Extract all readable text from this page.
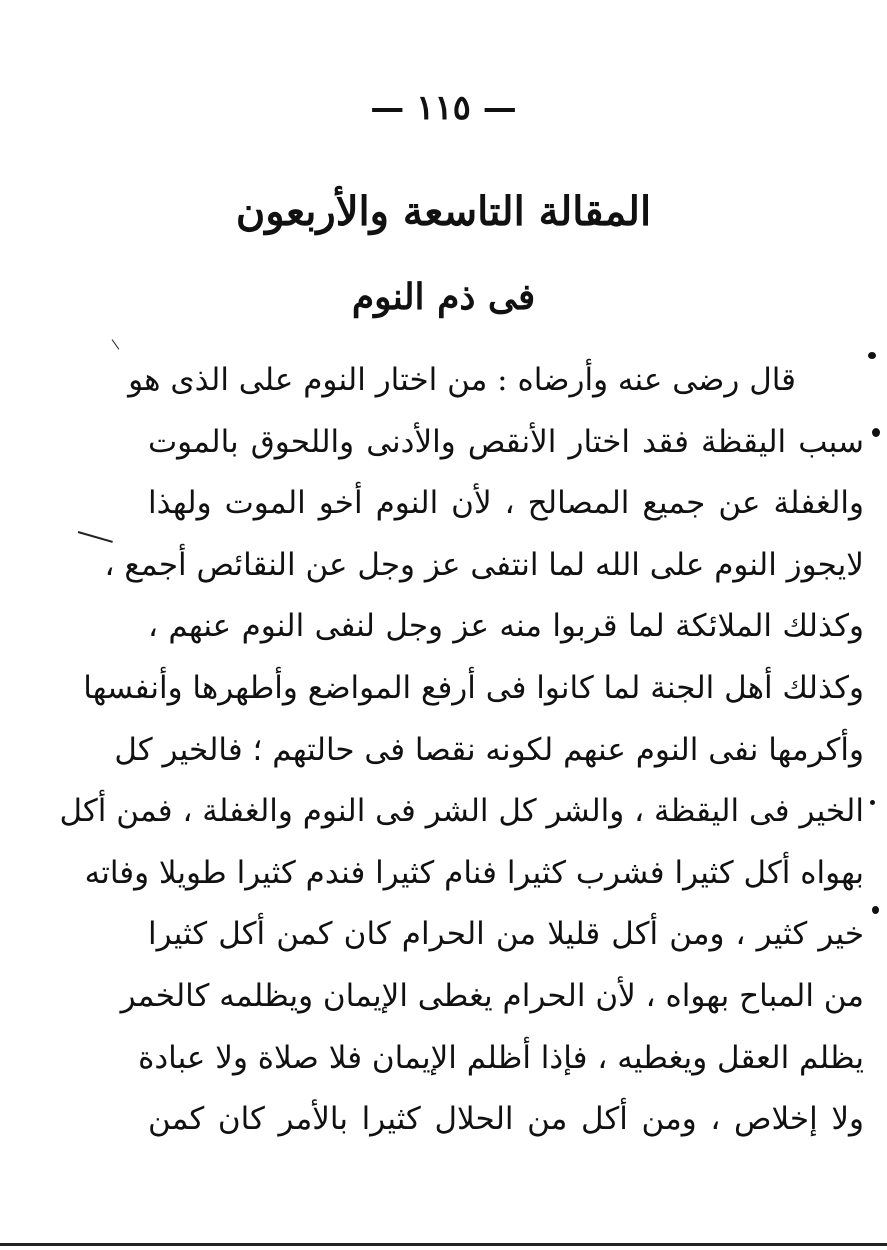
— ١١٥ —
المقالة التاسعة والأربعون
فى ذم النوم
قال رضى عنه وأرضاه : من اختار النوم على الذى هو
سبب اليقظة فقد اختار الأنقص والأدنى واللحوق بالموت
والغفلة عن جميع المصالح ، لأن النوم أخو الموت ولهذا
لايجوز النوم على الله لما انتفى عز وجل عن النقائص أجمع ،
وكذلك الملائكة لما قربوا منه عز وجل لنفى النوم عنهم ،
وكذلك أهل الجنة لما كانوا فى أرفع المواضع وأطهرها وأنفسها
وأكرمها نفى النوم عنهم لكونه نقصا فى حالتهم ؛ فالخير كل
الخير فى اليقظة ، والشر كل الشر فى النوم والغفلة ، فمن أكل
بهواه أكل كثيرا فشرب كثيرا فنام كثيرا فندم كثيرا طويلا وفاته
خير كثير ، ومن أكل قليلا من الحرام كان كمن أكل كثيرا
من المباح بهواه ، لأن الحرام يغطى الإيمان ويظلمه كالخمر
يظلم العقل ويغطيه ، فإذا أظلم الإيمان فلا صلاة ولا عبادة
ولا إخلاص ، ومن أكل من الحلال كثيرا بالأمر كان كمن
